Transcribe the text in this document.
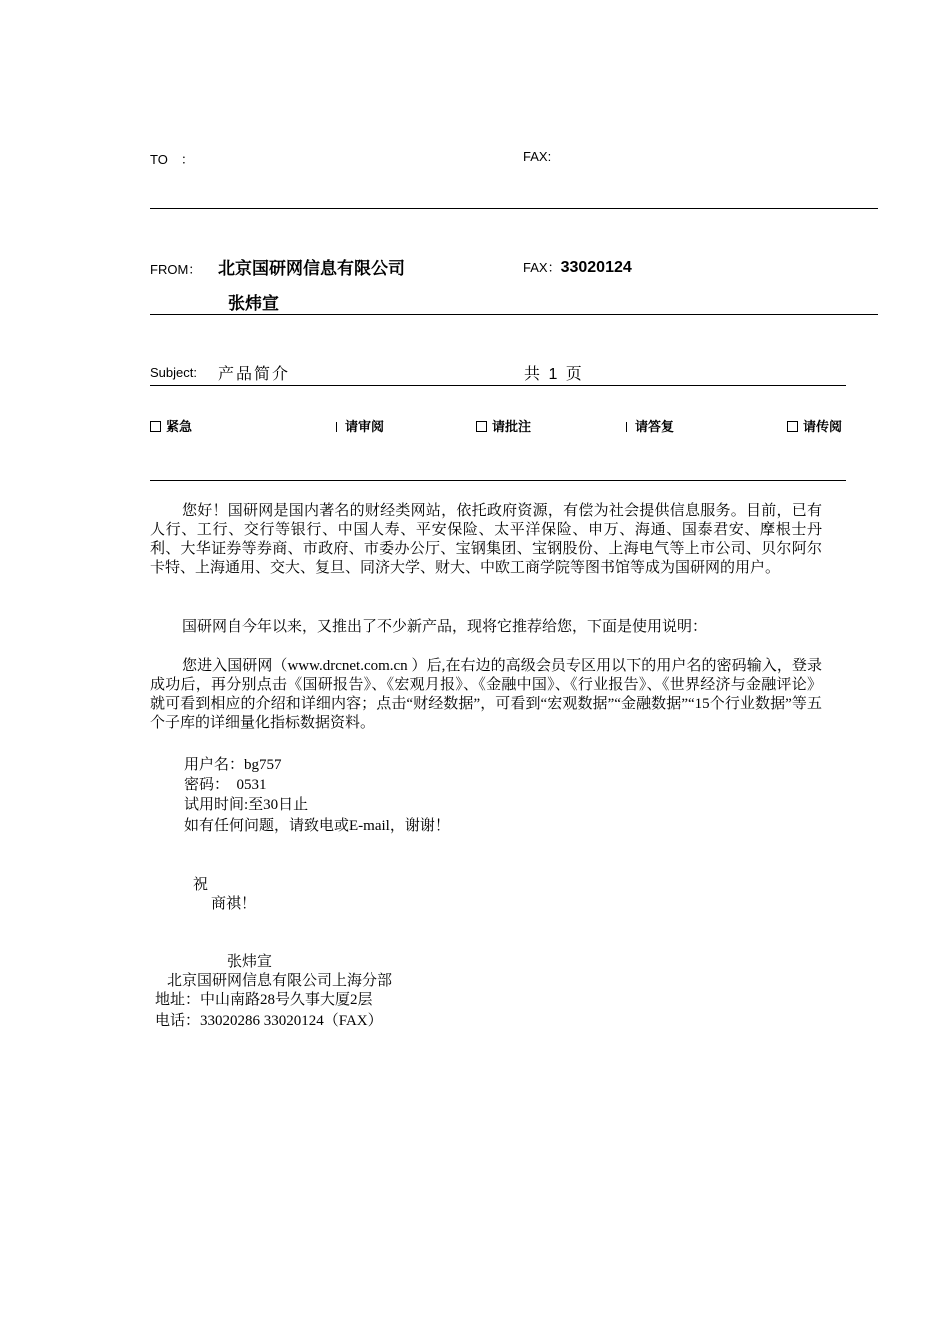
TO　：	FAX:
FROM： 北京国研网信息有限公司	FAX：33020124
张炜宣
Subject: 产品简介	共 1 页
紧急	请审阅	请批注	请答复	请传阅
您好！国研网是国内著名的财经类网站，依托政府资源，有偿为社会提供信息服务。目前，已有人行、工行、交行等银行、中国人寿、平安保险、太平洋保险、申万、海通、国泰君安、摩根士丹利、大华证券等券商、市政府、市委办公厅、宝钢集团、宝钢股份、上海电气等上市公司、贝尔阿尔卡特、上海通用、交大、复旦、同济大学、财大、中欧工商学院等图书馆等成为国研网的用户。
国研网自今年以来，又推出了不少新产品，现将它推荐给您，下面是使用说明：
您进入国研网（www.drcnet.com.cn ）后,在右边的高级会员专区用以下的用户名的密码输入，登录成功后，再分别点击《国研报告》、《宏观月报》、《金融中国》、《行业报告》、《世界经济与金融评论》就可看到相应的介绍和详细内容；点击“财经数据”，可看到“宏观数据”“金融数据”“15个行业数据”等五个子库的详细量化指标数据资料。
用户名：bg757
密码：　0531
试用时间:至30日止
如有任何问题，请致电或E-mail，谢谢！
祝
商祺！
张炜宣
北京国研网信息有限公司上海分部
地址：中山南路28号久事大厦2层
电话：33020286 33020124（FAX）
